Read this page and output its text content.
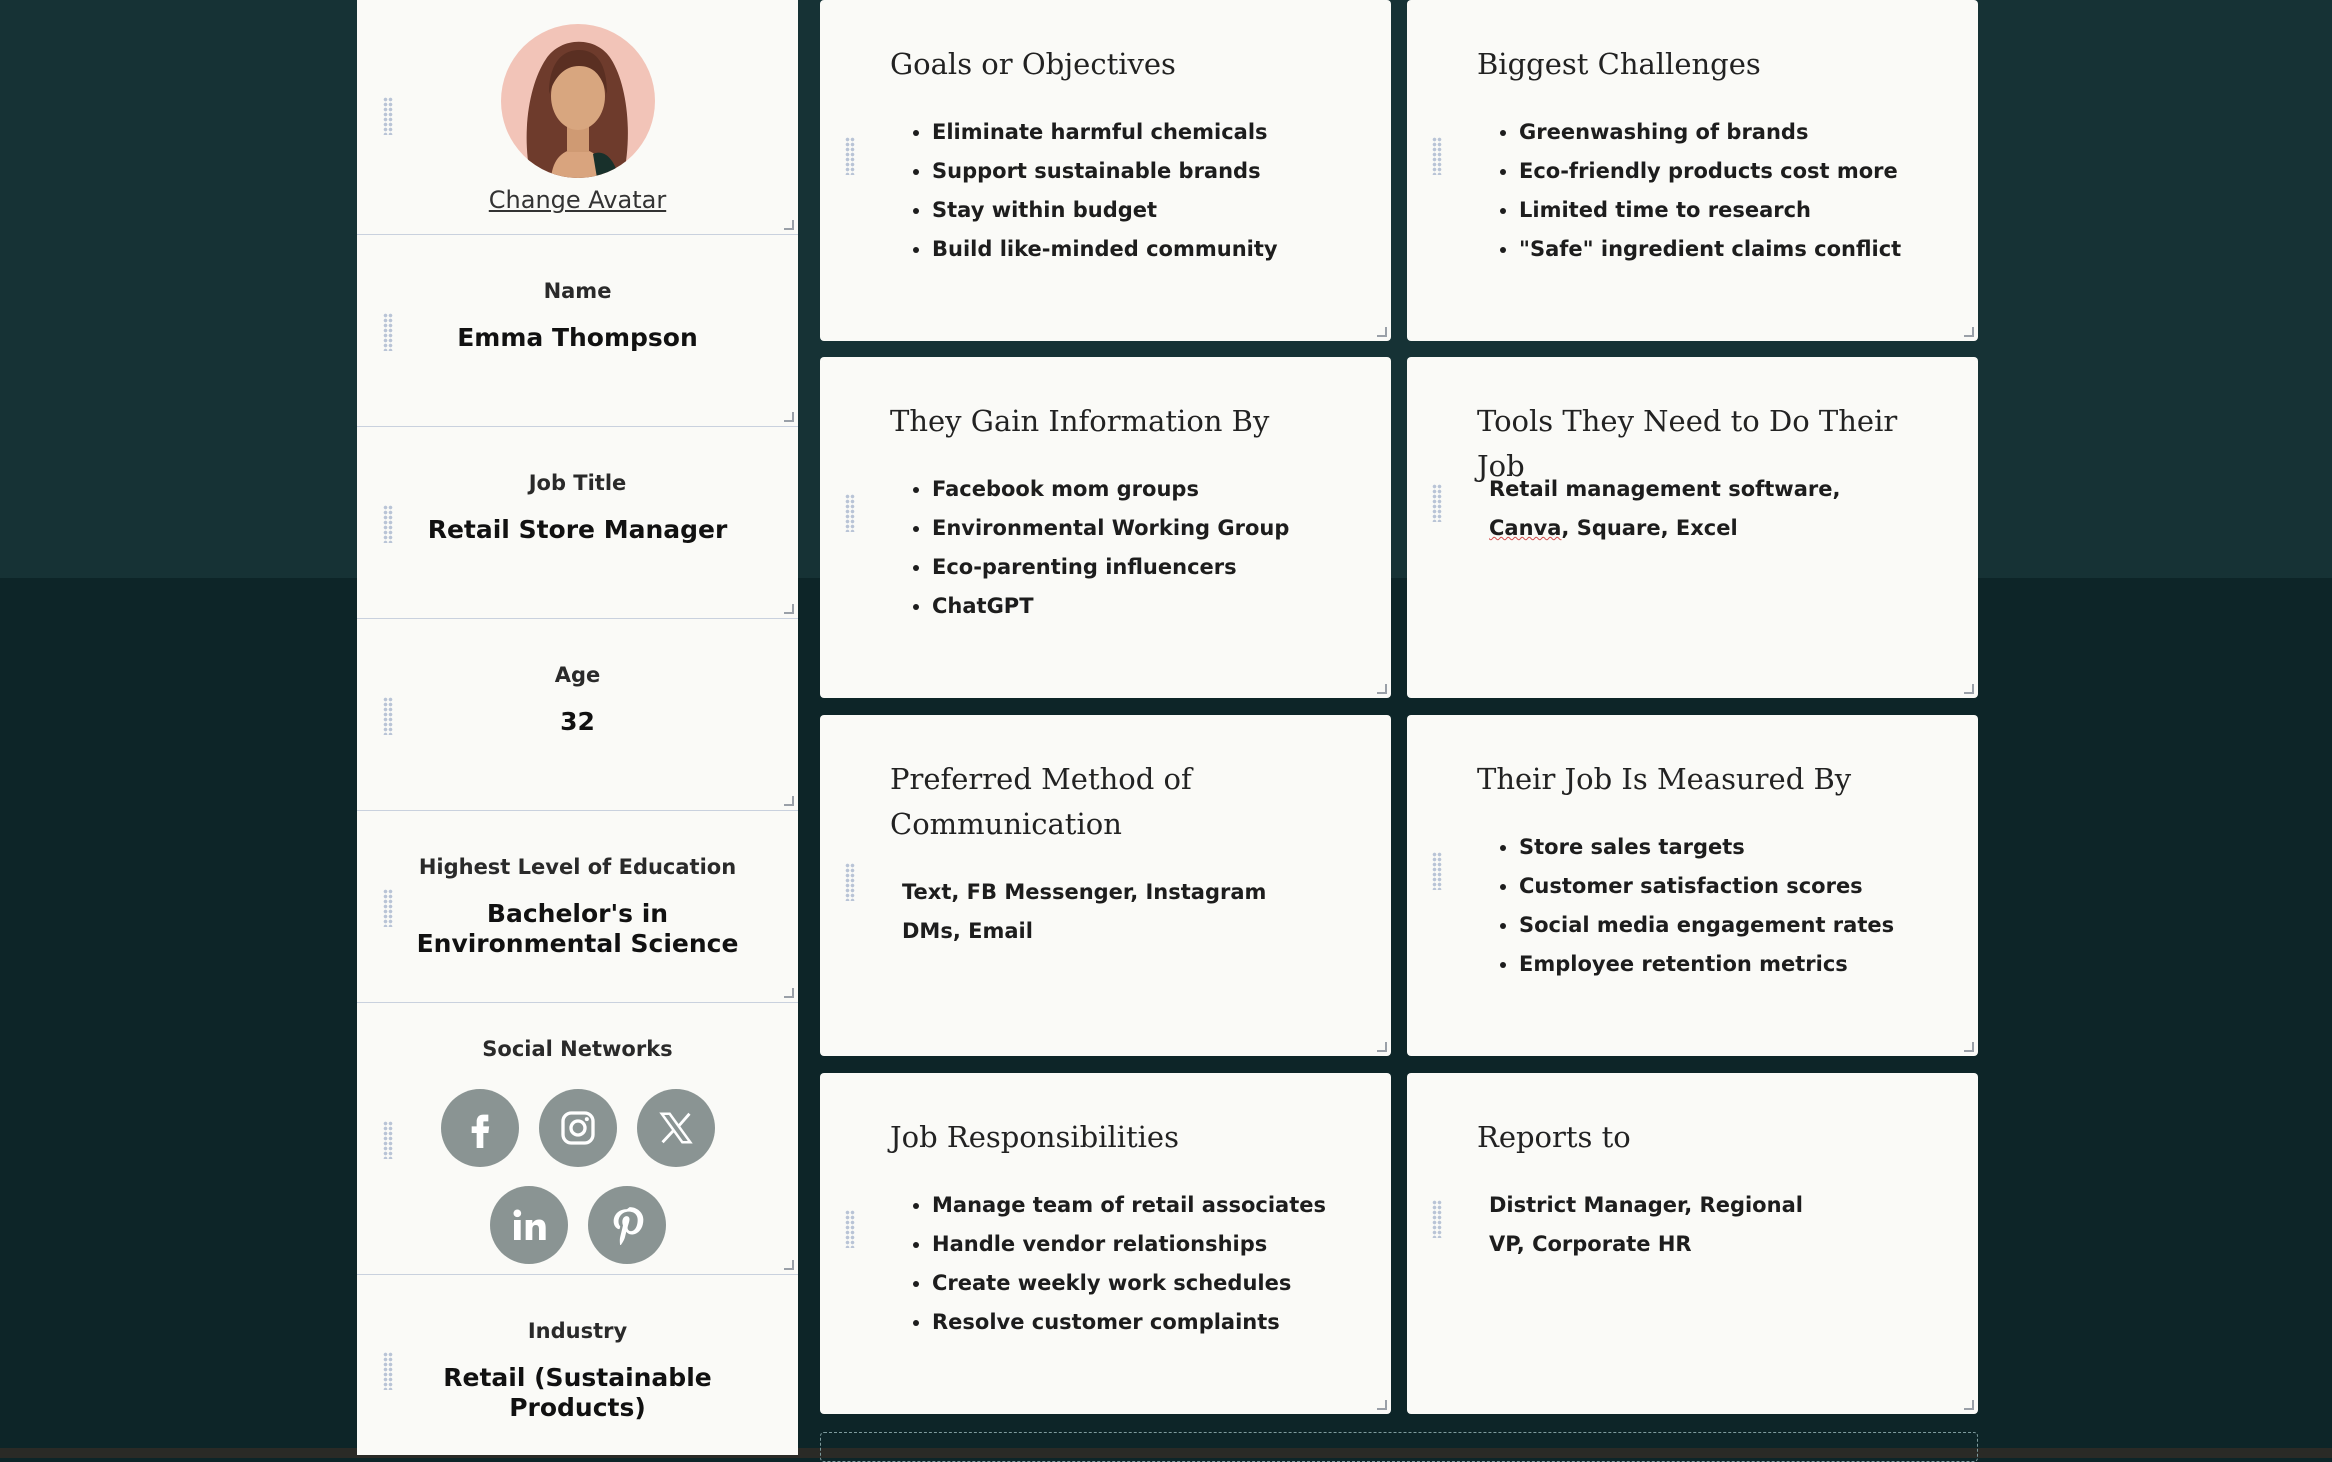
Change Avatar
Name
Emma Thompson
Job Title
Retail Store Manager
Age
32
Highest Level of Education
Bachelor's in Environmental Science
Social Networks
Industry
Retail (Sustainable Products)
Goals or Objectives
• Eliminate harmful chemicals
• Support sustainable brands
• Stay within budget
• Build like-minded community
Biggest Challenges
• Greenwashing of brands
• Eco-friendly products cost more
• Limited time to research
• "Safe" ingredient claims conflict
They Gain Information By
• Facebook mom groups
• Environmental Working Group
• Eco-parenting influencers
• ChatGPT
Tools They Need to Do Their Job
Retail management software, Canva, Square, Excel
Preferred Method of Communication
Text, FB Messenger, Instagram DMs, Email
Their Job Is Measured By
• Store sales targets
• Customer satisfaction scores
• Social media engagement rates
• Employee retention metrics
Job Responsibilities
• Manage team of retail associates
• Handle vendor relationships
• Create weekly work schedules
• Resolve customer complaints
Reports to
District Manager, Regional VP, Corporate HR
